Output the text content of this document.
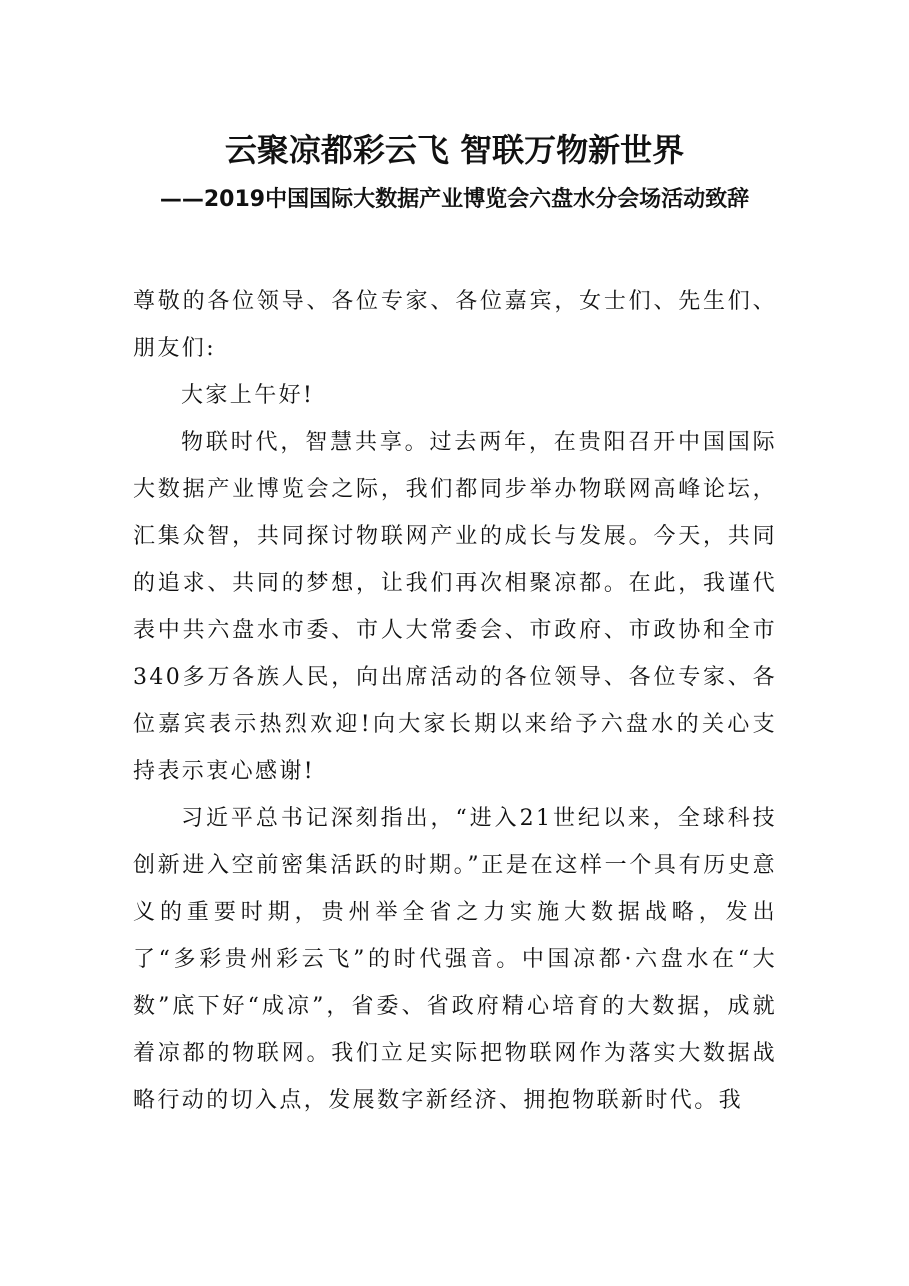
云聚凉都彩云飞 智联万物新世界
——2019中国国际大数据产业博览会六盘水分会场活动致辞

尊敬的各位领导、各位专家、各位嘉宾，女士们、先生们、朋友们:

大家上午好!

物联时代，智慧共享。过去两年，在贵阳召开中国国际大数据产业博览会之际，我们都同步举办物联网高峰论坛，汇集众智，共同探讨物联网产业的成长与发展。今天，共同的追求、共同的梦想，让我们再次相聚凉都。在此，我谨代表中共六盘水市委、市人大常委会、市政府、市政协和全市340多万各族人民，向出席活动的各位领导、各位专家、各位嘉宾表示热烈欢迎!向大家长期以来给予六盘水的关心支持表示衷心感谢!

习近平总书记深刻指出，“进入21世纪以来，全球科技创新进入空前密集活跃的时期。”正是在这样一个具有历史意义的重要时期，贵州举全省之力实施大数据战略，发出了“多彩贵州彩云飞”的时代强音。中国凉都·六盘水在“大数”底下好“成凉”，省委、省政府精心培育的大数据，成就着凉都的物联网。我们立足实际把物联网作为落实大数据战略行动的切入点，发展数字新经济、拥抱物联新时代。我
